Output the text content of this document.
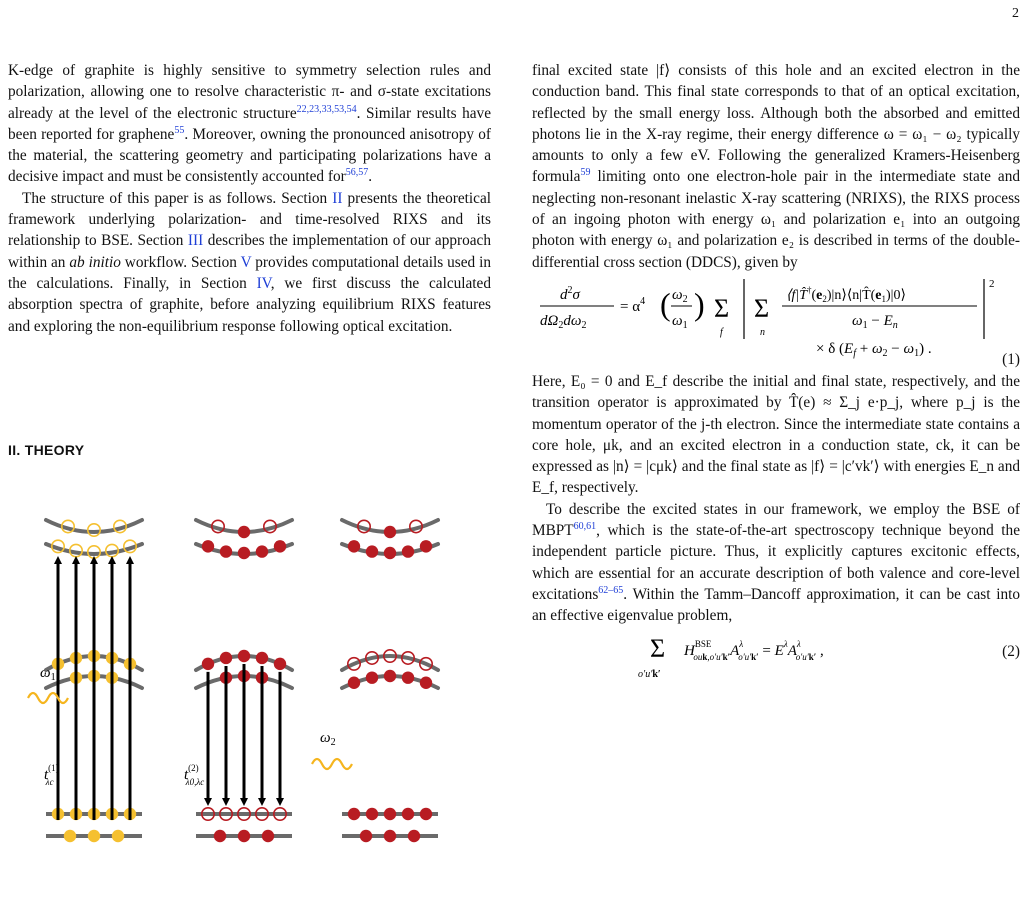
2

K-edge of graphite is highly sensitive to symmetry selection rules and polarization, allowing one to resolve characteristic π- and σ-state excitations already at the level of the electronic structure$^{22,23,33,53,54}$. Similar results have been reported for graphene$^{55}$. Moreover, owning the pronounced anisotropy of the material, the scattering geometry and participating polarizations have a decisive impact and must be consistently accounted for$^{56,57}$.

The structure of this paper is as follows. Section II presents the theoretical framework underlying polarization- and time-resolved RIXS and its relationship to BSE. Section III describes the implementation of our approach within an ab initio workflow. Section V provides computational details used in the calculations. Finally, in Section IV, we first discuss the calculated absorption spectra of graphite, before analyzing equilibrium RIXS features and exploring the non-equilibrium response following optical excitation.

II. THEORY
$\omega_1$
$t^{(1)}$ λc	$t^{(2)}$ λ0,λc
$\omega_2$

final excited state |f⟩ consists of this hole and an excited electron in the conduction band. This final state corresponds to that of an optical excitation, reflected by the small energy loss. Although both the absorbed and emitted photons lie in the X-ray regime, their energy difference ω = ω₁ − ω₂ typically amounts to only a few eV. Following the generalized Kramers-Heisenberg formula$^{59}$ limiting onto one electron-hole pair in the intermediate state and neglecting non-resonant inelastic X-ray scattering (NRIXS), the RIXS process of an ingoing photon with energy ω₁ and polarization e₁ into an outgoing photon with energy ω₁ and polarization e₂ is described in terms of the double-differential cross section (DDCS), given by

$d^2\sigma$
$d\Omega_2d\omega_2$
= $\alpha^4$ ( $\omega_2$
$\omega_1$
) Σ
f
Σ
n
$⟨f|T̂^\dagger(e_2)|n⟩⟨n|T̂(e_1)|0⟩$
$\omega_1 - E_n$
2
× δ $(E_f + \omega_2 - \omega_1)$ .
(1)

Here, E₀ = 0 and E_f describe the initial and final state, respectively, and the transition operator is approximated by T̂(e) ≈ Σ_j e·p_j, where p_j is the momentum operator of the j-th electron. Since the intermediate state contains a core hole, μk, and an excited electron in a conduction state, ck, it can be expressed as |n⟩ = |cμk⟩ and the final state as |f⟩ = |c′vk′⟩ with energies E_n and E_f, respectively.

To describe the excited states in our framework, we employ the BSE of MBPT$^{60,61}$, which is the state-of-the-art spectroscopy technique beyond the independent particle picture. Thus, it explicitly captures excitonic effects, which are essential for an accurate description of both valence and core-level excitations$^{62-65}$. Within the Tamm–Dancoff approximation, it can be cast into an effective eigenvalue problem,

Σ
o′u′k′
$H^{BSE}$ $ouk,o'u'k'A^\lambda$ $o'u'k' = E^\lambda A^\lambda$ o′u′k′ ,	(2)
